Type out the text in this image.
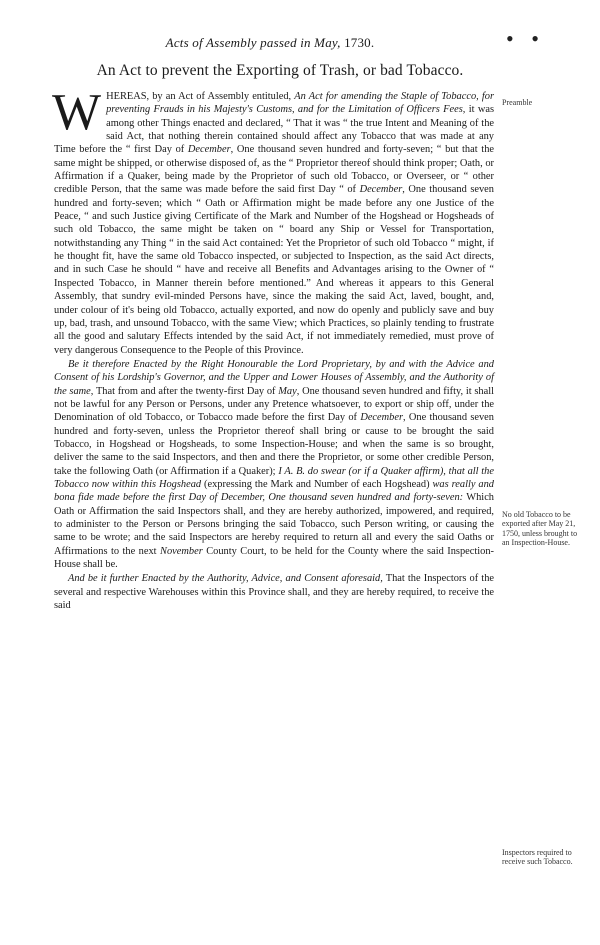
Acts of Assembly passed in May, 1730.	• •
An Act to prevent the Exporting of Trash, or bad Tobacco.

WHEREAS, by an Act of Assembly entituled, An Act for amending the Staple of Tobacco, for preventing Frauds in his Majesty's Customs, and for the Limitation of Officers Fees, it was among other Things enacted and declared, “ That it was “ the true Intent and Meaning of the said Act, that nothing therein contained should affect any Tobacco that was made at any Time before the “ first Day of December, One thousand seven hundred and forty-seven; “ but that the same might be shipped, or otherwise disposed of, as the “ Proprietor thereof should think proper; Oath, or Affirmation if a Quaker, being made by the Proprietor of such old Tobacco, or Overseer, or “ other credible Person, that the same was made before the said first Day “ of December, One thousand seven hundred and forty-seven; which “ Oath or Affirmation might be made before any one Justice of the Peace, “ and such Justice giving Certificate of the Mark and Number of the Hogshead or Hogsheads of such old Tobacco, the same might be taken on “ board any Ship or Vessel for Transportation, notwithstanding any Thing “ in the said Act contained: Yet the Proprietor of such old Tobacco “ might, if he thought fit, have the same old Tobacco inspected, or subjected to Inspection, as the said Act directs, and in such Case he should “ have and receive all Benefits and Advantages arising to the Owner of “ Inspected Tobacco, in Manner therein before mentioned.” And whereas it appears to this General Assembly, that sundry evil-minded Persons have, since the making the said Act, laved, bought, and, under colour of it's being old Tobacco, actually exported, and now do openly and publicly save and buy up, bad, trash, and unsound Tobacco, with the same View; which Practices, so plainly tending to frustrate all the good and salutary Effects intended by the said Act, if not immediately remedied, must prove of very dangerous Consequence to the People of this Province.

Be it therefore Enacted by the Right Honourable the Lord Proprietary, by and with the Advice and Consent of his Lordship's Governor, and the Upper and Lower Houses of Assembly, and the Authority of the same, That from and after the twenty-first Day of May, One thousand seven hundred and fifty, it shall not be lawful for any Person or Persons, under any Pretence whatsoever, to export or ship off, under the Denomination of old Tobacco, or Tobacco made before the first Day of December, One thousand seven hundred and forty-seven, unless the Proprietor thereof shall bring or cause to be brought the said Tobacco, in Hogshead or Hogsheads, to some Inspection-House; and when the same is so brought, deliver the same to the said Inspectors, and then and there the Proprietor, or some other credible Person, take the following Oath (or Affirmation if a Quaker); I A. B. do swear (or if a Quaker affirm), that all the Tobacco now within this Hogshead (expressing the Mark and Number of each Hogshead) was really and bona fide made before the first Day of December, One thousand seven hundred and forty-seven: Which Oath or Affirmation the said Inspectors shall, and they are hereby authorized, impowered, and required, to administer to the Person or Persons bringing the said Tobacco, such Person writing, or causing the same to be wrote; and the said Inspectors are hereby required to return all and every the said Oaths or Affirmations to the next November County Court, to be held for the County where the said Inspection-House shall be.

And be it further Enacted by the Authority, Advice, and Consent aforesaid, That the Inspectors of the several and respective Warehouses within this Province shall, and they are hereby required, to receive the said

Preamble
No old Tobacco to be exported after May 21, 1750, unless brought to an Inspection-House.
Inspectors required to receive such Tobacco.
